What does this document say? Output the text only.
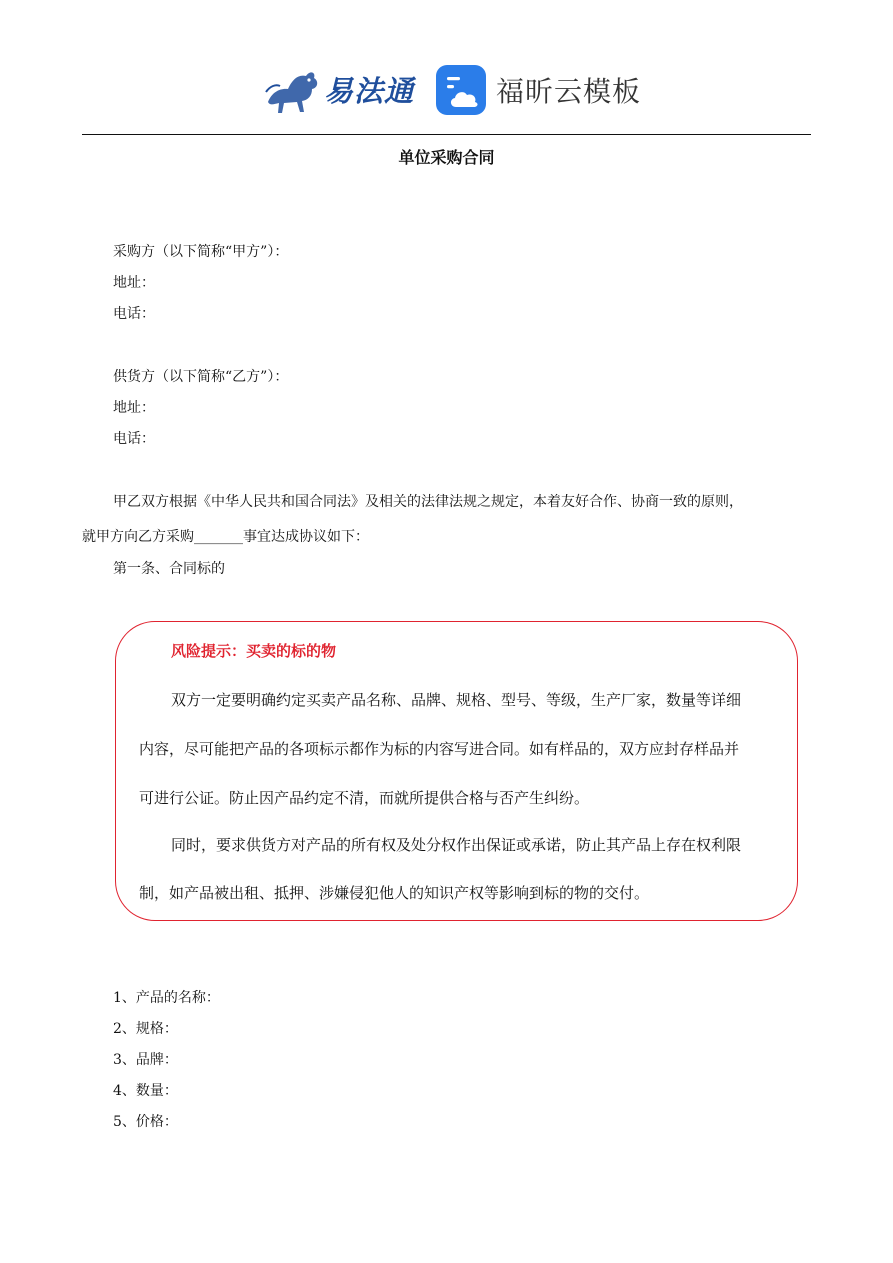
易法通	福昕云模板
单位采购合同
采购方（以下简称“甲方”）：
地址：
电话：
供货方（以下简称“乙方”）：
地址：
电话：
甲乙双方根据《中华人民共和国合同法》及相关的法律法规之规定，本着友好合作、协商一致的原则，
就甲方向乙方采购_______事宜达成协议如下：
第一条、合同标的
风险提示：买卖的标的物
双方一定要明确约定买卖产品名称、品牌、规格、型号、等级，生产厂家，数量等详细
内容，尽可能把产品的各项标示都作为标的内容写进合同。如有样品的，双方应封存样品并
可进行公证。防止因产品约定不清，而就所提供合格与否产生纠纷。
同时，要求供货方对产品的所有权及处分权作出保证或承诺，防止其产品上存在权利限
制，如产品被出租、抵押、涉嫌侵犯他人的知识产权等影响到标的物的交付。
1、产品的名称：
2、规格：
3、品牌：
4、数量：
5、价格：
